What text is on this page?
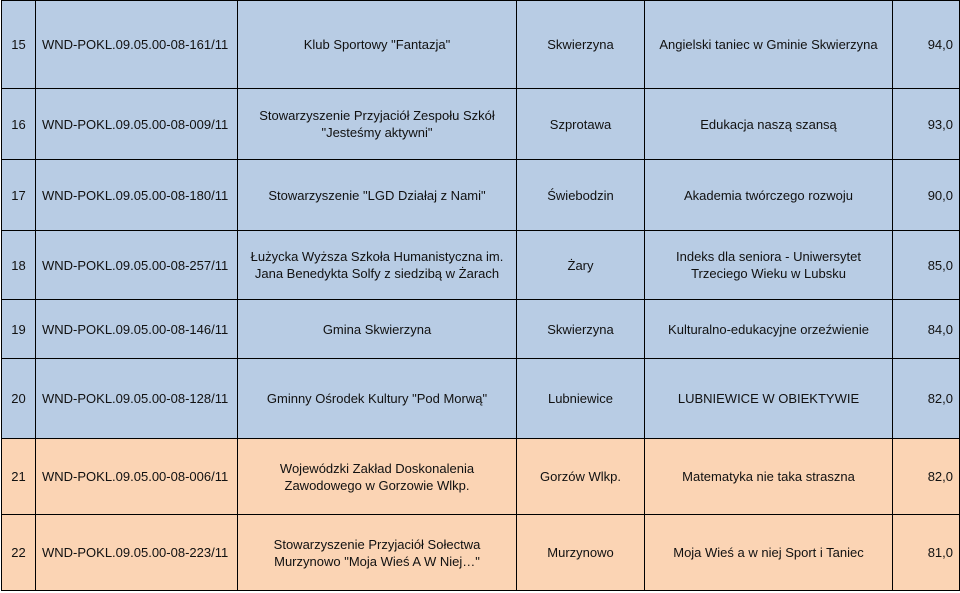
15	WND-POKL.09.05.00-08-161/11	Klub Sportowy "Fantazja"	Skwierzyna	Angielski taniec w Gminie Skwierzyna	94,0
16	WND-POKL.09.05.00-08-009/11	Stowarzyszenie Przyjaciół Zespołu Szkół "Jesteśmy aktywni"	Szprotawa	Edukacja naszą szansą	93,0
17	WND-POKL.09.05.00-08-180/11	Stowarzyszenie "LGD Działaj z Nami"	Świebodzin	Akademia twórczego rozwoju	90,0
18	WND-POKL.09.05.00-08-257/11	Łużycka Wyższa Szkoła Humanistyczna im. Jana Benedykta Solfy z siedzibą w Żarach	Żary	Indeks dla seniora - Uniwersytet Trzeciego Wieku w Lubsku	85,0
19	WND-POKL.09.05.00-08-146/11	Gmina Skwierzyna	Skwierzyna	Kulturalno-edukacyjne orzeźwienie	84,0
20	WND-POKL.09.05.00-08-128/11	Gminny Ośrodek Kultury "Pod Morwą"	Lubniewice	LUBNIEWICE W OBIEKTYWIE	82,0
21	WND-POKL.09.05.00-08-006/11	Wojewódzki Zakład Doskonalenia Zawodowego w Gorzowie Wlkp.	Gorzów Wlkp.	Matematyka nie taka straszna	82,0
22	WND-POKL.09.05.00-08-223/11	Stowarzyszenie Przyjaciół Sołectwa Murzynowo "Moja Wieś A W Niej…"	Murzynowo	Moja Wieś a w niej Sport i Taniec	81,0
